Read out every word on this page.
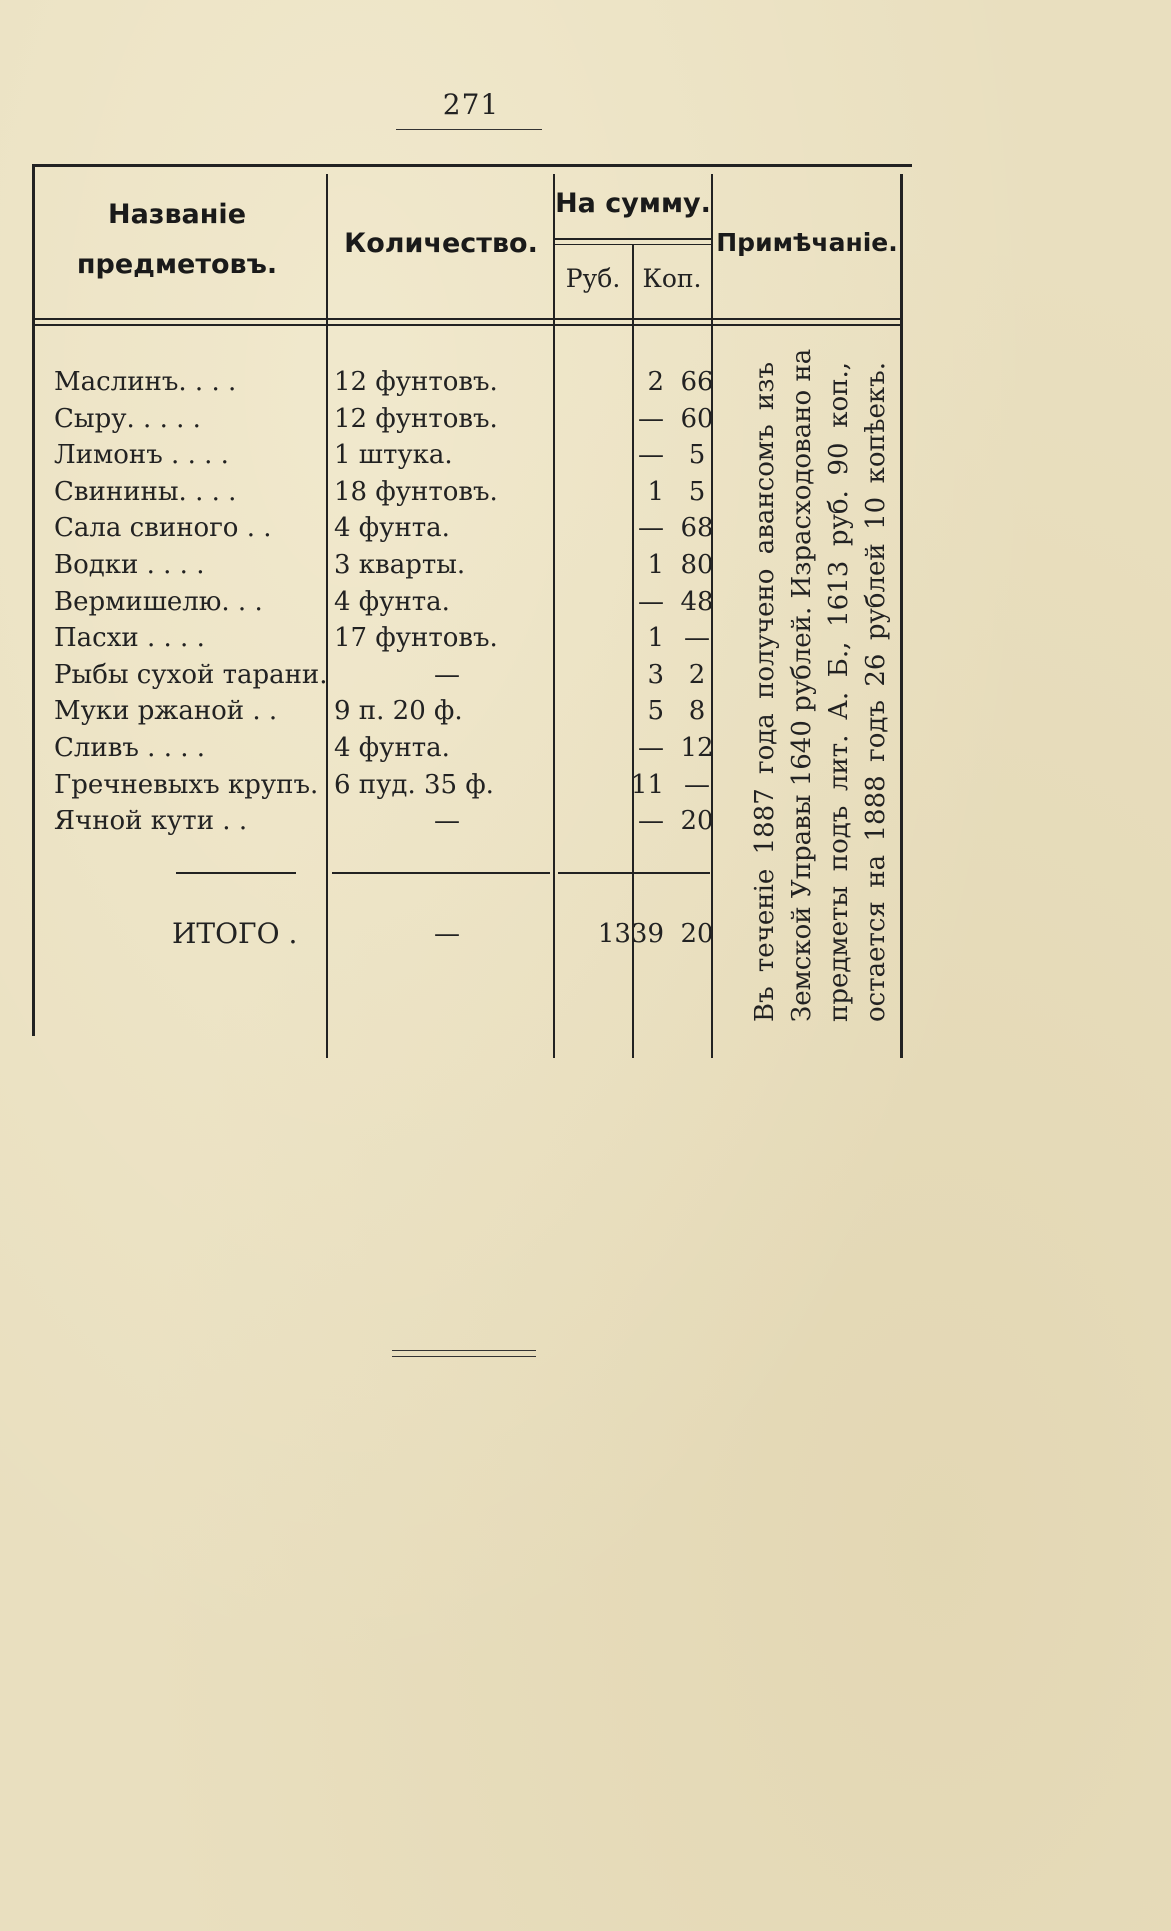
271
Названіе
предметовъ.
Количество.
На сумму.
Руб. Коп.
Примѣчаніе.
Маслинъ. . . .	12 фунтовъ.	2 66
Сыру. . . . .	12 фунтовъ.	— 60
Лимонъ . . . .	1 штука.	— 5
Свинины. . . .	18 фунтовъ.	1 5
Сала свиного . . 4 фунта.	— 68
Водки . . . .	3 кварты.	1 80
Вермишелю. . .	4 фунта.	— 48
Пасхи . . . .	17 фунтовъ.	1 —
Рыбы сухой тарани.	—	3 2
Муки ржаной . . 9 п. 20 ф.	5 8
Сливъ . . . .	4 фунта.	— 12
Гречневыхъ крупъ. 6 пуд. 35 ф.	11 —
Ячной кути . .	—	— 20
ИТОГО .	—	1339 20	Въ теченіе 1887 года получено авансомъ изъ Земской Управы 1640 рублей. Израсходовано на предметы подъ лит. А. Б., 1613 руб. 90 коп., остается на 1888 годъ 26 рублей 10 копѣекъ.
